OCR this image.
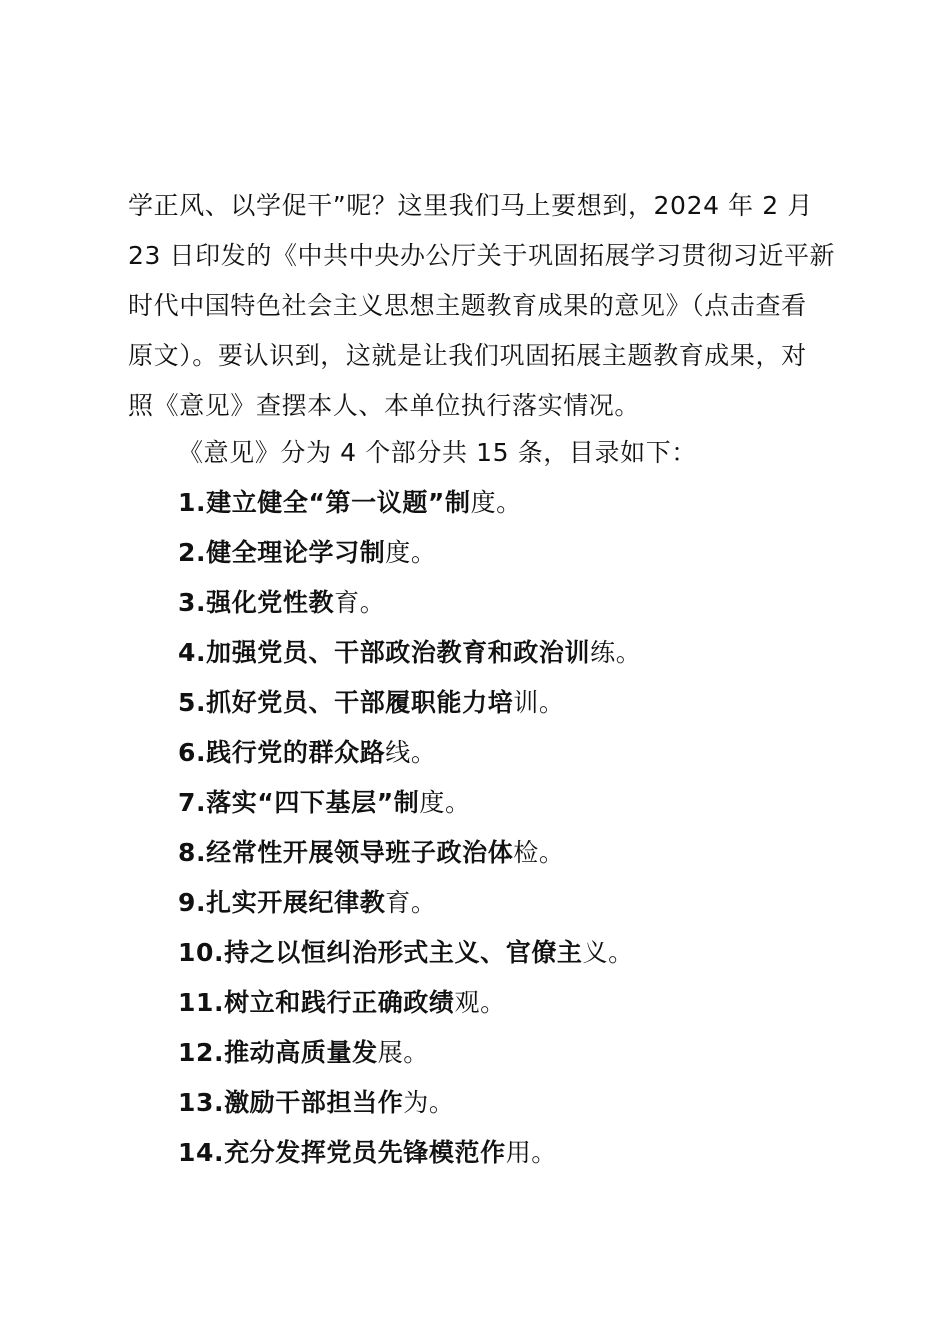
学正风、以学促干”呢？这里我们马上要想到，2024 年 2 月
23 日印发的《中共中央办公厅关于巩固拓展学习贯彻习近平新
时代中国特色社会主义思想主题教育成果的意见》（点击查看
原文）。要认识到，这就是让我们巩固拓展主题教育成果，对
照《意见》查摆本人、本单位执行落实情况。

《意见》分为 4 个部分共 15 条，目录如下：

1.建立健全“第一议题”制度。
2.健全理论学习制度。
3.强化党性教育。
4.加强党员、干部政治教育和政治训练。
5.抓好党员、干部履职能力培训。
6.践行党的群众路线。
7.落实“四下基层”制度。
8.经常性开展领导班子政治体检。
9.扎实开展纪律教育。
10.持之以恒纠治形式主义、官僚主义。
11.树立和践行正确政绩观。
12.推动高质量发展。
13.激励干部担当作为。
14.充分发挥党员先锋模范作用。
